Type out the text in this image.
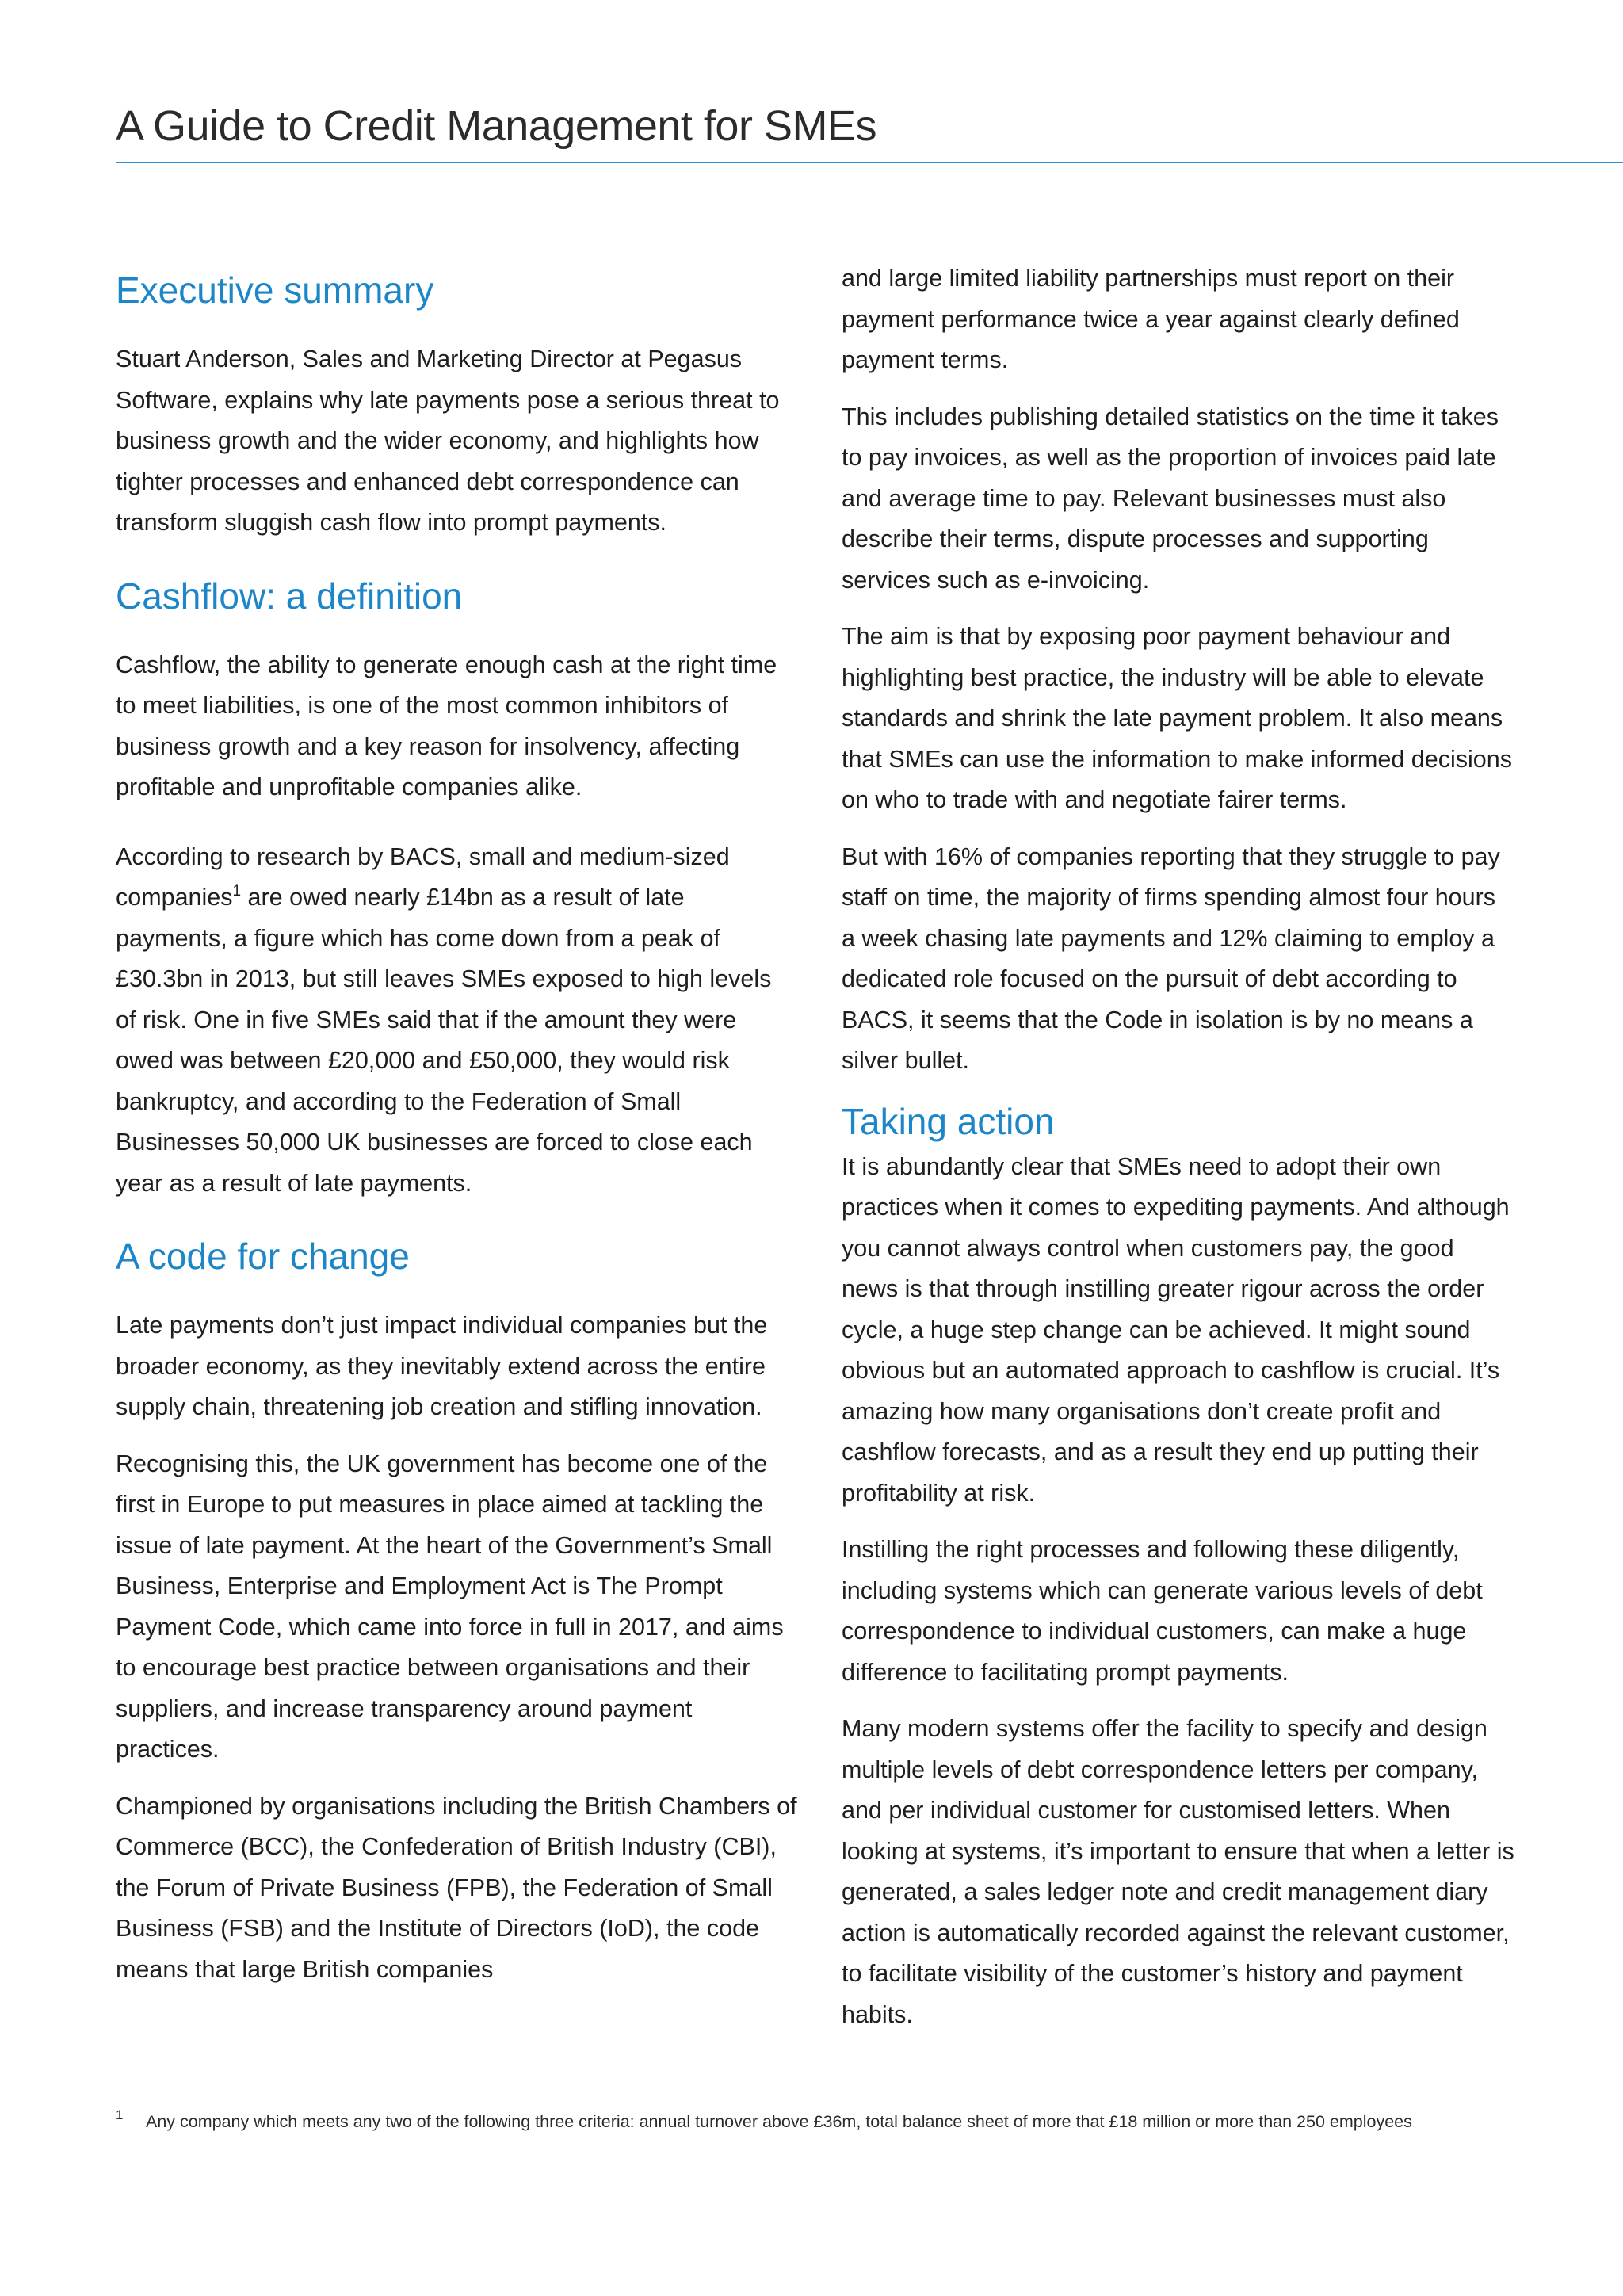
A Guide to Credit Management for SMEs
Executive summary

Stuart Anderson, Sales and Marketing Director at Pegasus Software, explains why late payments pose a serious threat to business growth and the wider economy, and highlights how tighter processes and enhanced debt correspondence can transform sluggish cash flow into prompt payments.

Cashflow: a definition

Cashflow, the ability to generate enough cash at the right time to meet liabilities, is one of the most common inhibitors of business growth and a key reason for insolvency, affecting profitable and unprofitable companies alike.

According to research by BACS, small and medium-sized companies$^1$ are owed nearly £14bn as a result of late payments, a figure which has come down from a peak of £30.3bn in 2013, but still leaves SMEs exposed to high levels of risk. One in five SMEs said that if the amount they were owed was between £20,000 and £50,000, they would risk bankruptcy, and according to the Federation of Small Businesses 50,000 UK businesses are forced to close each year as a result of late payments.

A code for change

Late payments don’t just impact individual companies but the broader economy, as they inevitably extend across the entire supply chain, threatening job creation and stifling innovation.

Recognising this, the UK government has become one of the first in Europe to put measures in place aimed at tackling the issue of late payment. At the heart of the Government’s Small Business, Enterprise and Employment Act is The Prompt Payment Code, which came into force in full in 2017, and aims to encourage best practice between organisations and their suppliers, and increase transparency around payment practices.

Championed by organisations including the British Chambers of Commerce (BCC), the Confederation of British Industry (CBI), the Forum of Private Business (FPB), the Federation of Small Business (FSB) and the Institute of Directors (IoD), the code means that large British companies

and large limited liability partnerships must report on their payment performance twice a year against clearly defined payment terms.

This includes publishing detailed statistics on the time it takes to pay invoices, as well as the proportion of invoices paid late and average time to pay. Relevant businesses must also describe their terms, dispute processes and supporting services such as e-invoicing.

The aim is that by exposing poor payment behaviour and highlighting best practice, the industry will be able to elevate standards and shrink the late payment problem. It also means that SMEs can use the information to make informed decisions on who to trade with and negotiate fairer terms.

But with 16% of companies reporting that they struggle to pay staff on time, the majority of firms spending almost four hours a week chasing late payments and 12% claiming to employ a dedicated role focused on the pursuit of debt according to BACS, it seems that the Code in isolation is by no means a silver bullet.

Taking action

It is abundantly clear that SMEs need to adopt their own practices when it comes to expediting payments. And although you cannot always control when customers pay, the good news is that through instilling greater rigour across the order cycle, a huge step change can be achieved. It might sound obvious but an automated approach to cashflow is crucial. It’s amazing how many organisations don’t create profit and cashflow forecasts, and as a result they end up putting their profitability at risk.

Instilling the right processes and following these diligently, including systems which can generate various levels of debt correspondence to individual customers, can make a huge difference to facilitating prompt payments.

Many modern systems offer the facility to specify and design multiple levels of debt correspondence letters per company, and per individual customer for customised letters. When looking at systems, it’s important to ensure that when a letter is generated, a sales ledger note and credit management diary action is automatically recorded against the relevant customer, to facilitate visibility of the customer’s history and payment habits.

1 Any company which meets any two of the following three criteria: annual turnover above £36m, total balance sheet of more that £18 million or more than 250 employees
